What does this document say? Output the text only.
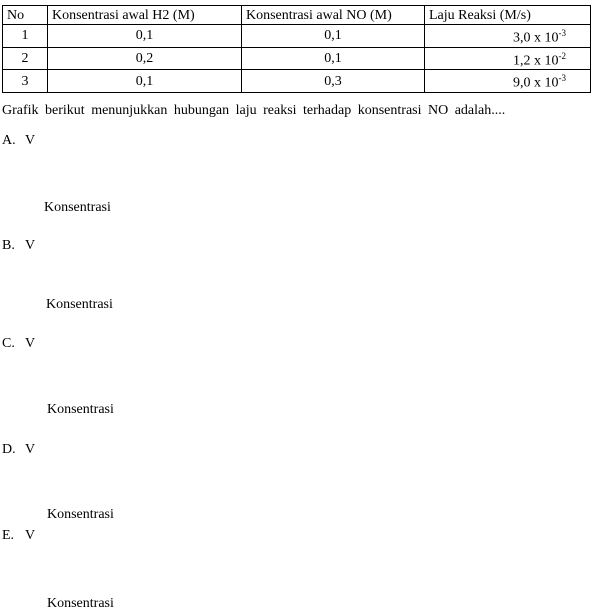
No	Konsentrasi awal H2 (M)	Konsentrasi awal NO (M)	Laju Reaksi (M/s)
1	0,1	0,1	3,0 x $10^{-3}$
2	0,2	0,1	1,2 x $10^{-2}$
3	0,1	0,3	9,0 x $10^{-3}$
Grafik berikut menunjukkan hubungan laju reaksi terhadap konsentrasi NO adalah....
A. V
Konsentrasi
B. V
Konsentrasi
C. V
Konsentrasi
D. V
Konsentrasi
E. V
Konsentrasi
